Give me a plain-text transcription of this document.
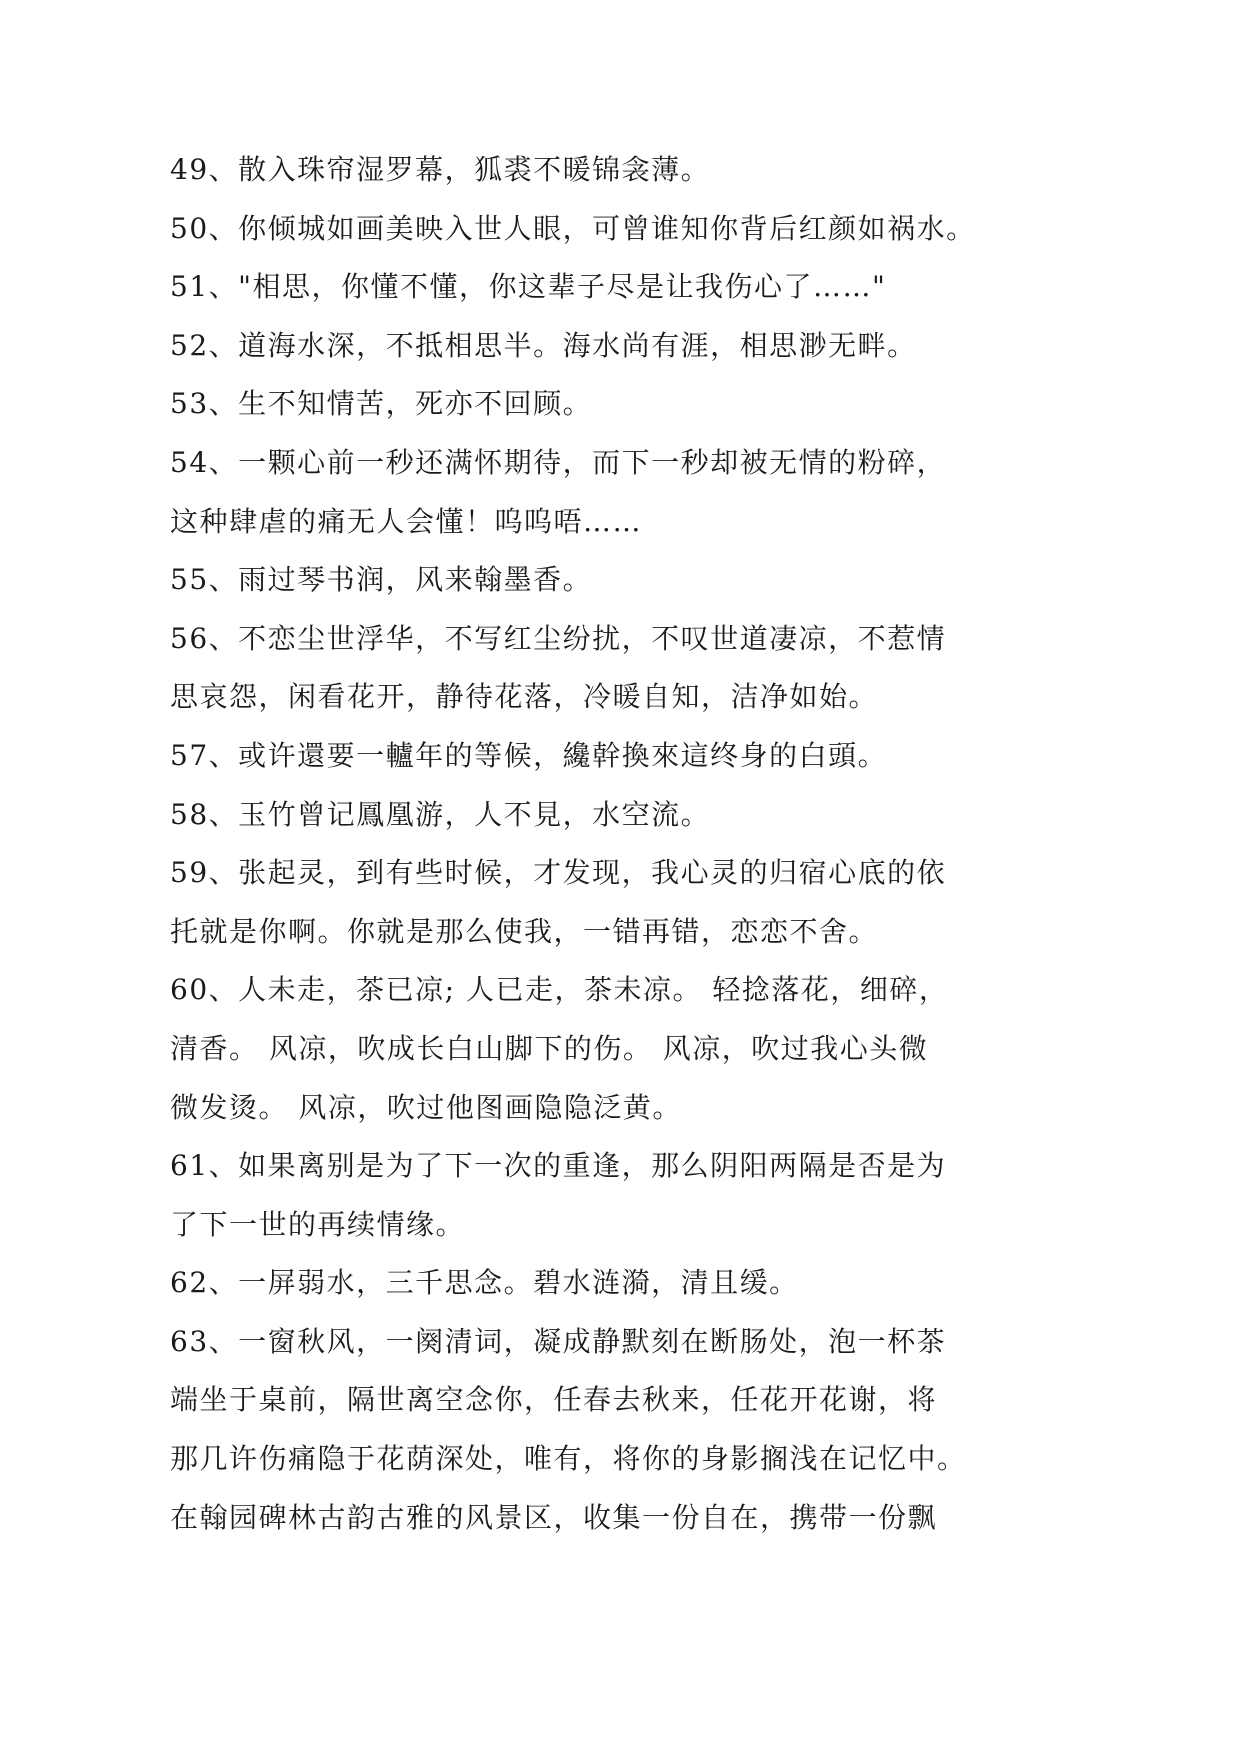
49、散入珠帘湿罗幕，狐裘不暖锦衾薄。
50、你倾城如画美映入世人眼，可曾谁知你背后红颜如祸水。
51、"相思，你懂不懂，你这辈子尽是让我伤心了……"
52、道海水深，不抵相思半。海水尚有涯，相思渺无畔。
53、生不知情苦，死亦不回顾。
54、一颗心前一秒还满怀期待，而下一秒却被无情的粉碎，
这种肆虐的痛无人会懂！呜呜唔……
55、雨过琴书润，风来翰墨香。
56、不恋尘世浮华，不写红尘纷扰，不叹世道凄凉，不惹情
思哀怨，闲看花开，静待花落，冷暖自知，洁净如始。
57、或许還要一轤年的等候，纔幹換來這终身的白頭。
58、玉竹曾记鳳凰游，人不見，水空流。
59、张起灵，到有些时候，才发现，我心灵的归宿心底的依
托就是你啊。你就是那么使我，一错再错，恋恋不舍。
60、人未走，茶已凉; 人已走，茶未凉。 轻捻落花，细碎，
清香。 风凉，吹成长白山脚下的伤。 风凉，吹过我心头微
微发烫。 风凉，吹过他图画隐隐泛黄。
61、如果离别是为了下一次的重逢，那么阴阳两隔是否是为
了下一世的再续情缘。
62、一屏弱水，三千思念。碧水涟漪，清且缓。
63、一窗秋风，一阕清词，凝成静默刻在断肠处，泡一杯茶
端坐于桌前，隔世离空念你，任春去秋来，任花开花谢，将
那几许伤痛隐于花荫深处，唯有，将你的身影搁浅在记忆中。
在翰园碑林古韵古雅的风景区，收集一份自在，携带一份飘
